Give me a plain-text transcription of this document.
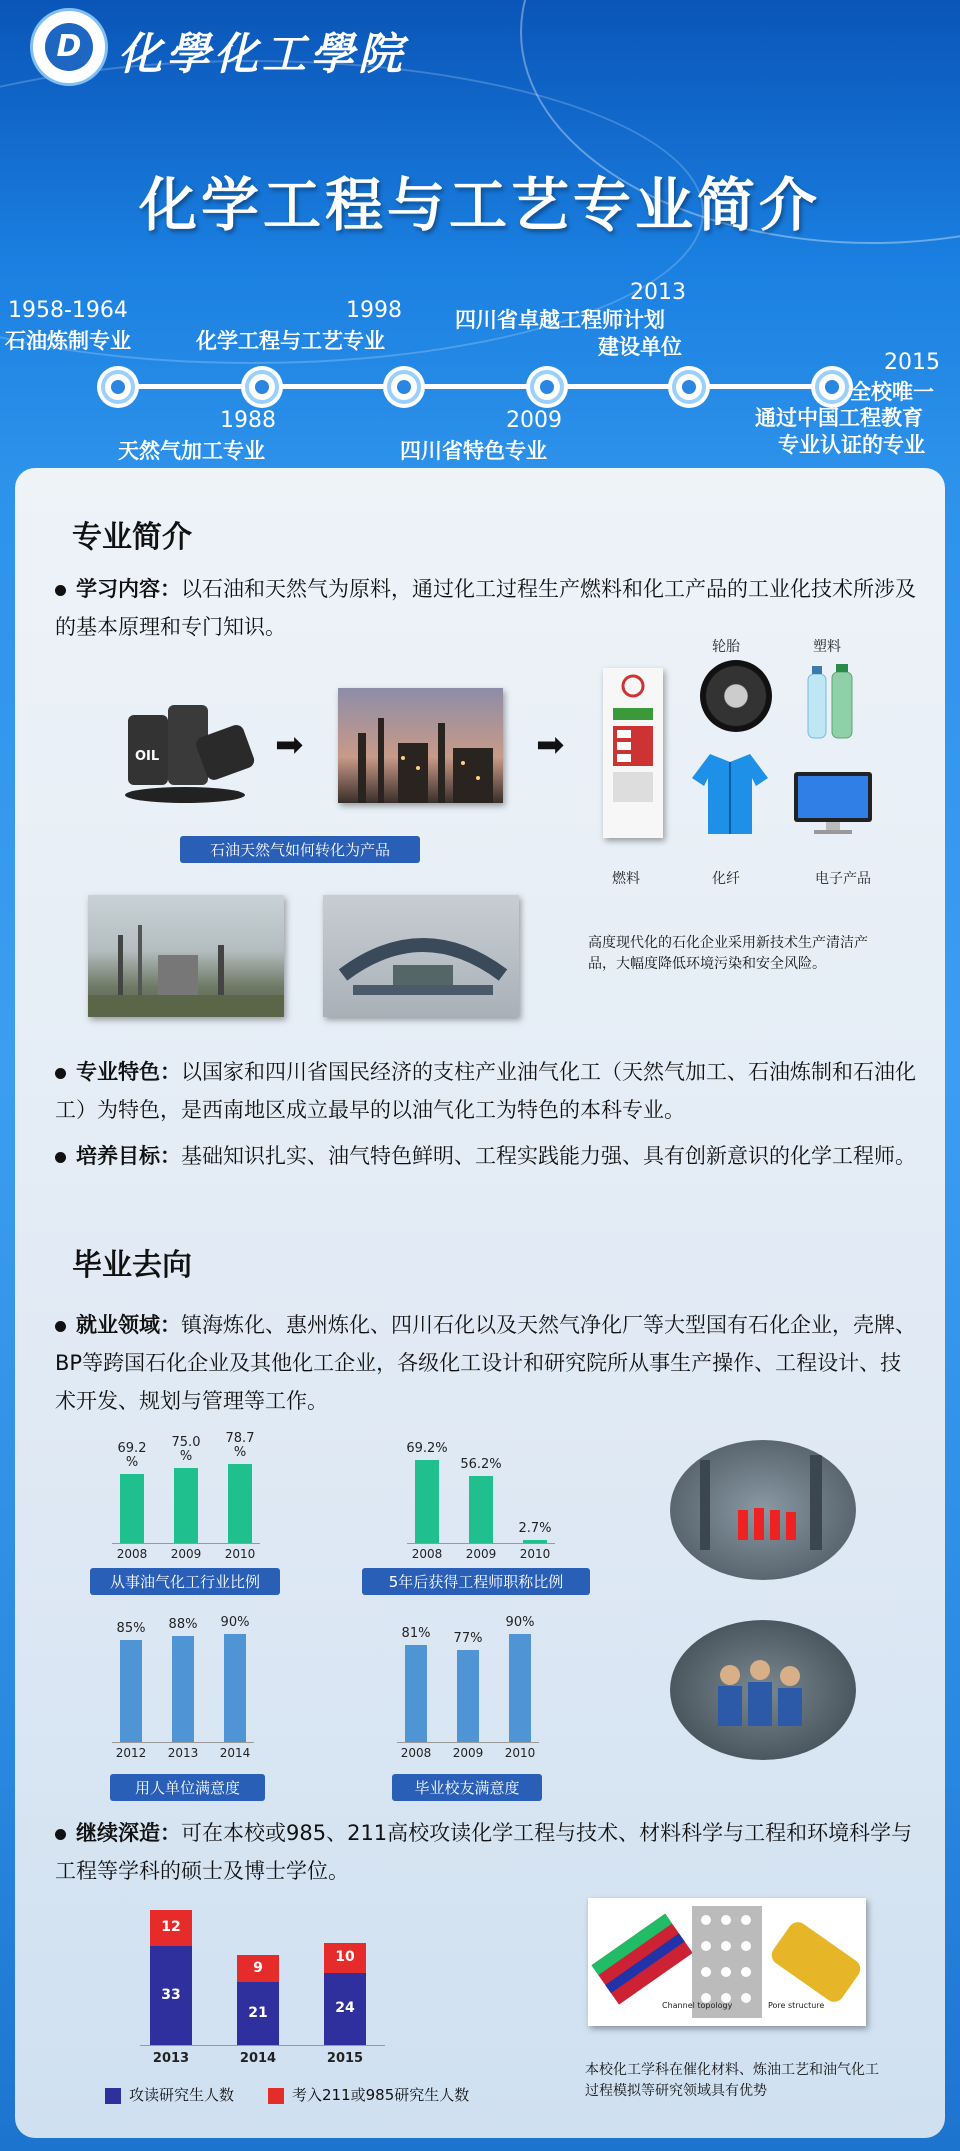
D 化學化工學院
化学工程与工艺专业简介
1958-1964
石油炼制专业
1988
天然气加工专业
1998
化学工程与工艺专业
2009
四川省特色专业
2013
四川省卓越工程师计划
建设单位
2015
全校唯一
通过中国工程教育
专业认证的专业
专业简介
学习内容：以石油和天然气为原料，通过化工过程生产燃料和化工产品的工业化技术所涉及的基本原理和专门知识。
OIL	➡	➡
轮胎	塑料
燃料	化纤	电子产品
石油天然气如何转化为产品
高度现代化的石化企业采用新技术生产清洁产品，大幅度降低环境污染和安全风险。
专业特色：以国家和四川省国民经济的支柱产业油气化工（天然气加工、石油炼制和石油化工）为特色，是西南地区成立最早的以油气化工为特色的本科专业。
培养目标：基础知识扎实、油气特色鲜明、工程实践能力强、具有创新意识的化学工程师。
毕业去向
就业领域：镇海炼化、惠州炼化、四川石化以及天然气净化厂等大型国有石化企业，壳牌、BP等跨国石化企业及其他化工企业，各级化工设计和研究院所从事生产操作、工程设计、技术开发、规划与管理等工作。
69.2
%
2008
75.0
%
2009
78.7
%
2010
从事油气化工行业比例
69.2%
2008
56.2%
2009
2.7%
2010
5年后获得工程师职称比例
85%
2012
88%
2013
90%
2014
用人单位满意度
81%
2008
77%
2009
90%
2010
毕业校友满意度
继续深造：可在本校或985、211高校攻读化学工程与技术、材料科学与工程和环境科学与工程等学科的硕士及博士学位。
33
12
2013
21
9
2014
24
10
2015
攻读研究生人数	考入211或985研究生人数
Channel topology	Pore structure
本校化工学科在催化材料、炼油工艺和油气化工过程模拟等研究领域具有优势
